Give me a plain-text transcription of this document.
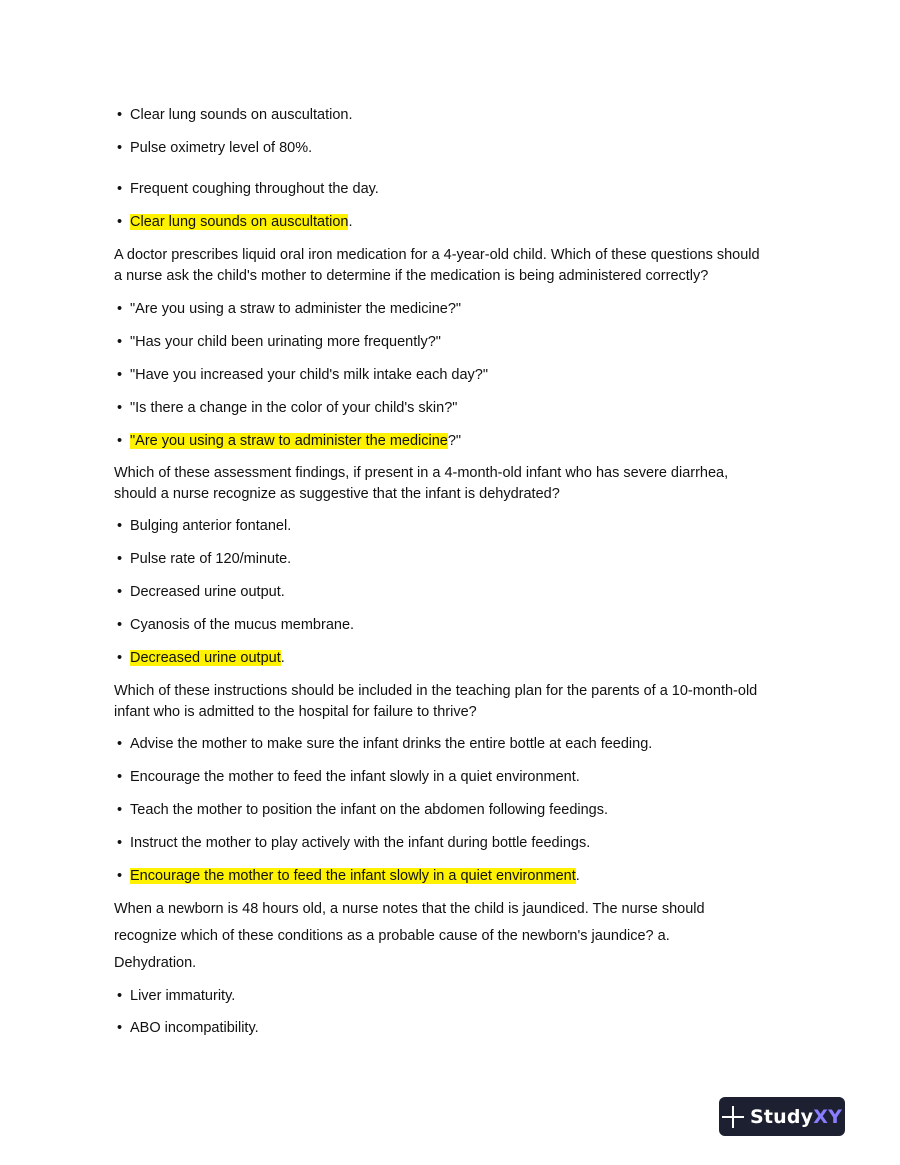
• Clear lung sounds on auscultation.
• Pulse oximetry level of 80%.
• Frequent coughing throughout the day.
• Clear lung sounds on auscultation.
A doctor prescribes liquid oral iron medication for a 4-year-old child. Which of these questions should
a nurse ask the child's mother to determine if the medication is being administered correctly?
• "Are you using a straw to administer the medicine?"
• "Has your child been urinating more frequently?"
• "Have you increased your child's milk intake each day?"
• "Is there a change in the color of your child's skin?"
• "Are you using a straw to administer the medicine?"
Which of these assessment findings, if present in a 4-month-old infant who has severe diarrhea,
should a nurse recognize as suggestive that the infant is dehydrated?
• Bulging anterior fontanel.
• Pulse rate of 120/minute.
• Decreased urine output.
• Cyanosis of the mucus membrane.
• Decreased urine output.
Which of these instructions should be included in the teaching plan for the parents of a 10-month-old
infant who is admitted to the hospital for failure to thrive?
• Advise the mother to make sure the infant drinks the entire bottle at each feeding.
• Encourage the mother to feed the infant slowly in a quiet environment.
• Teach the mother to position the infant on the abdomen following feedings.
• Instruct the mother to play actively with the infant during bottle feedings.
• Encourage the mother to feed the infant slowly in a quiet environment.
When a newborn is 48 hours old, a nurse notes that the child is jaundiced. The nurse should
recognize which of these conditions as a probable cause of the newborn's jaundice? a.
Dehydration.
• Liver immaturity.
• ABO incompatibility.
StudyXY
